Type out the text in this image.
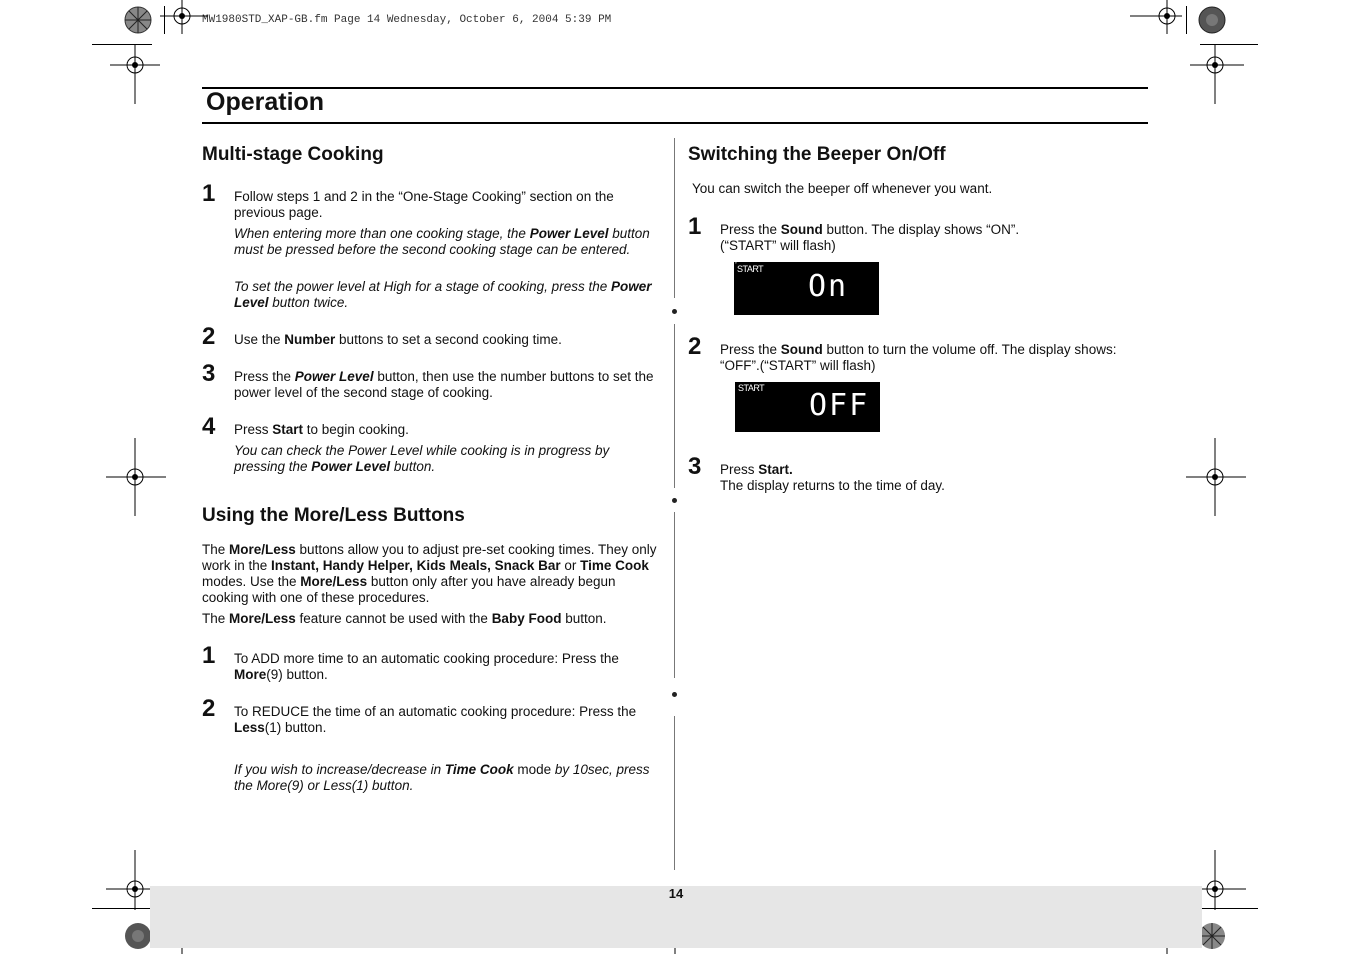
MW1980STD_XAP-GB.fm Page 14 Wednesday, October 6, 2004 5:39 PM
Operation
Multi-stage Cooking
1 Follow steps 1 and 2 in the “One-Stage Cooking” section on the previous page.
When entering more than one cooking stage, the Power Level button must be pressed before the second cooking stage can be entered.
To set the power level at High for a stage of cooking, press the Power Level button twice.
2 Use the Number buttons to set a second cooking time.
3 Press the Power Level button, then use the number buttons to set the power level of the second stage of cooking.
4 Press Start to begin cooking.
You can check the Power Level while cooking is in progress by pressing the Power Level button.
Using the More/Less Buttons
The More/Less buttons allow you to adjust pre-set cooking times. They only work in the Instant, Handy Helper, Kids Meals, Snack Bar or Time Cook modes. Use the More/Less button only after you have already begun cooking with one of these procedures.
The More/Less feature cannot be used with the Baby Food button.
1 To ADD more time to an automatic cooking procedure: Press the More(9) button.
2 To REDUCE the time of an automatic cooking procedure: Press the Less(1) button.
If you wish to increase/decrease in Time Cook mode by 10sec, press the More(9) or Less(1) button.
Switching the Beeper On/Off
You can switch the beeper off whenever you want.
1 Press the Sound button. The display shows “ON”.
(“START” will flash)
’ START On
2 Press the Sound button to turn the volume off. The display shows: “OFF”.(“START” will flash)
START OFF
3 Press Start.
The display returns to the time of day.
14
